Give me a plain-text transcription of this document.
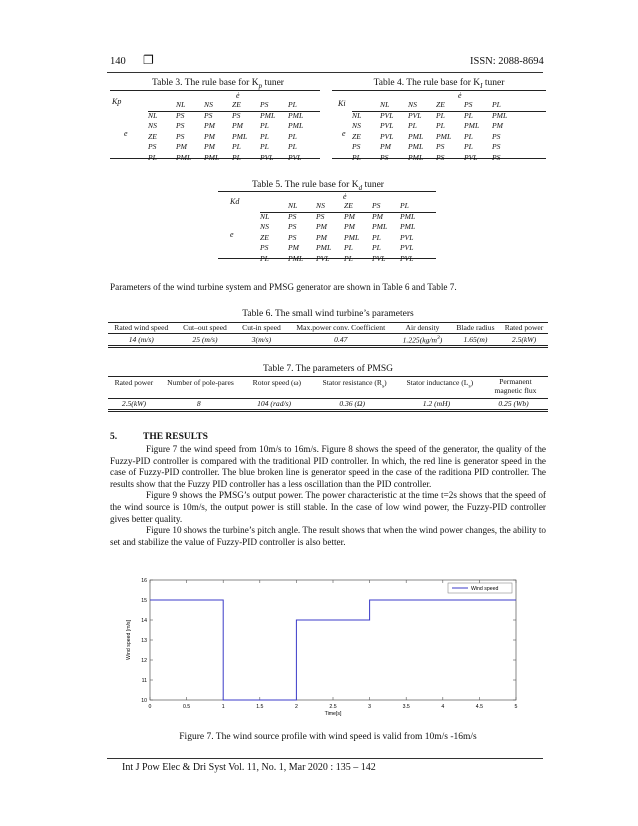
140 ❐	ISSN: 2088-8694
Table 3. The rule base for $K_p$ tuner
Kp
ė
e
	NL	NS	ZE	PS	PL
NL	PS	PS	PS	PML	PML
NS	PS	PM	PM	PL	PML
ZE	PS	PM	PML	PL	PL
PS	PM	PM	PL	PL	PL
PL	PML	PML	PL	PVL	PVL
Table 4. The rule base for $K_I$ tuner
Ki
ė
e
	NL	NS	ZE	PS	PL
NL	PVL	PVL	PL	PL	PML
NS	PVL	PL	PL	PML	PM
ZE	PVL	PML	PML	PL	PS
PS	PM	PML	PS	PL	PS
PL	PS	PML	PS	PVL	PS
Table 5. The rule base for $K_d$ tuner
Kd
ė
e
	NL	NS	ZE	PS	PL
NL	PS	PS	PM	PM	PML
NS	PS	PM	PM	PML	PML
ZE	PS	PM	PML	PL	PVL
PS	PM	PML	PL	PL	PVL
PL	PML	PVL	PL	PVL	PVL
Parameters of the wind turbine system and PMSG generator are shown in Table 6 and Table 7.
Table 6. The small wind turbine’s parameters
Rated wind speed	Cut–out speed	Cut-in speed	Max.power conv. Coefficient	Air density	Blade radius	Rated power
14 (m/s)	25 (m/s)	3(m/s)	0.47	$1.225(kg/m^3)$	1.65(m)	2.5(kW)
Table 7. The parameters of PMSG
Rated power	Number of pole-pares	Rotor speed (ω)	Stator resistance $(R_s)$	Stator inductance $(L_s)$	Permanent magnetic flux
2.5(kW)	8	104 (rad/s)	0.36 (Ω)	1.2 (mH)	0.25 (Wb)
5.	THE RESULTS

Figure 7 the wind speed from 10m/s to 16m/s. Figure 8 shows the speed of the generator, the quality of the Fuzzy-PID controller is compared with the traditional PID controller. In which, the red line is generator speed in the case of Fuzzy-PID controller. The blue broken line is generator speed in the case of the raditiona PID controller. The results show that the Fuzzy PID controller has a less oscillation than the PID controller.

Figure 9 shows the PMSG’s output power. The power characteristic at the time t=2s shows that the speed of the wind source is 10m/s, the output power is still stable. In the case of low wind power, the Fuzzy-PID controller gives better quality.

Figure 10 shows the turbine’s pitch angle. The result shows that when the wind power changes, the ability to set and stabilize the value of Fuzzy-PID controller is also better.

0	0.5	1	1.5	2	2.5	3	3.5	4	4.5	5
10
11
12
13
14
15
16
Time[s]
Wind speed [m/s]
Wind speed
Figure 7. The wind source profile with wind speed is valid from 10m/s -16m/s
Int J Pow Elec & Dri Syst Vol. 11, No. 1, Mar 2020 : 135 – 142
